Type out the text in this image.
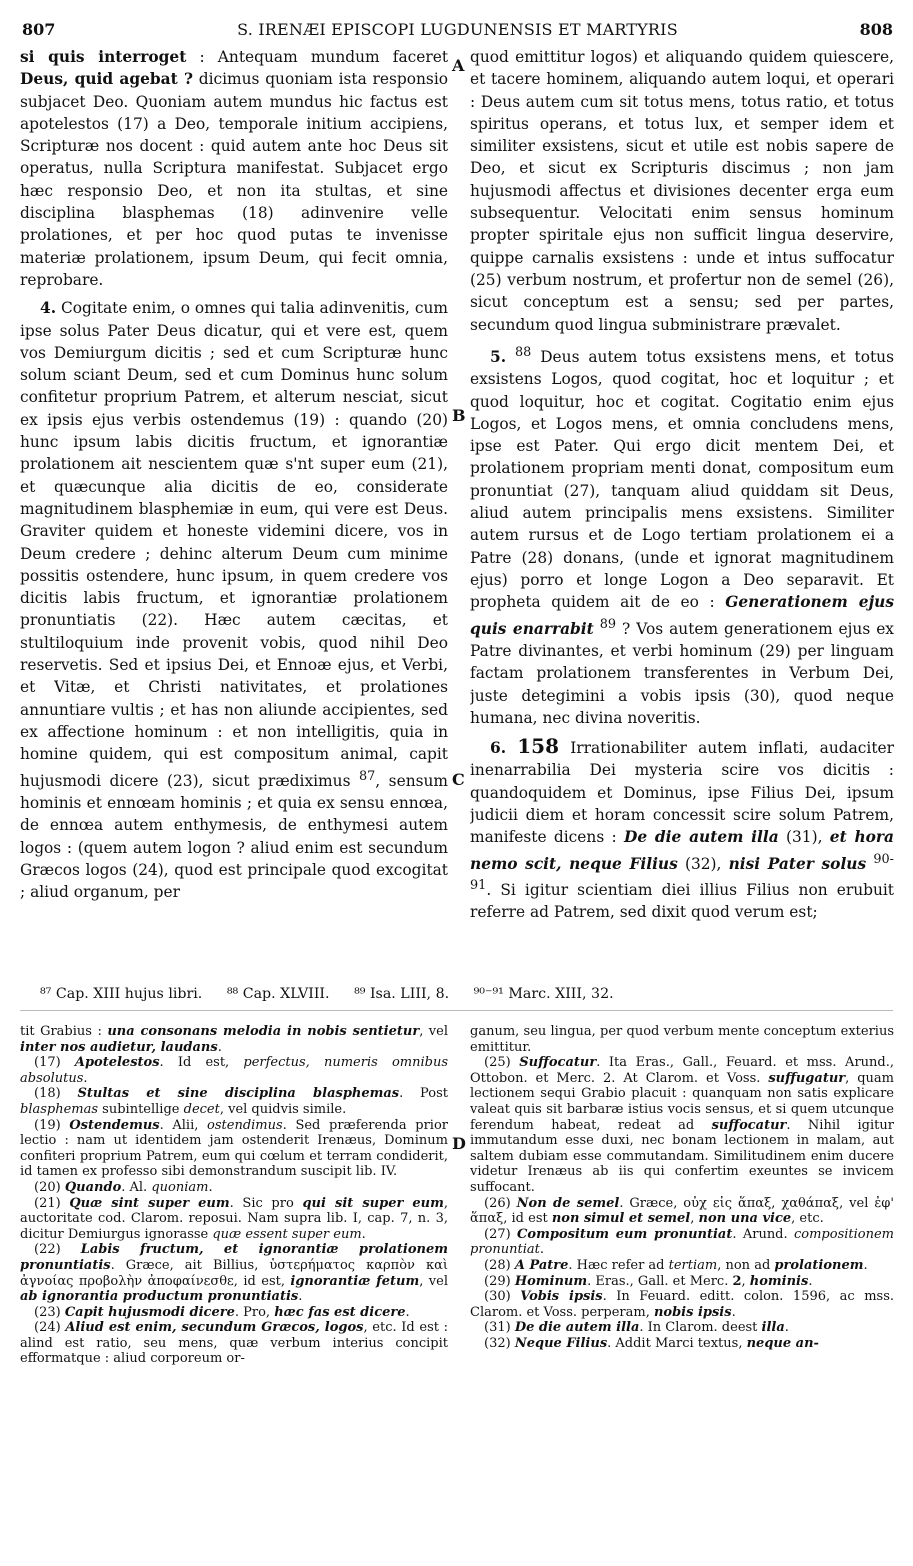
807	S. IRENÆI EPISCOPI LUGDUNENSIS ET MARTYRIS	808

si quis interroget : Antequam mundum faceret Deus, quid agebat ? dicimus quoniam ista responsio subjacet Deo. Quoniam autem mundus hic factus est apotelestos (17) a Deo, temporale initium accipiens, Scripturæ nos docent : quid autem ante hoc Deus sit operatus, nulla Scriptura manifestat. Subjacet ergo hæc responsio Deo, et non ita stultas, et sine disciplina blasphemas (18) adinvenire velle prolationes, et per hoc quod putas te invenisse materiæ prolationem, ipsum Deum, qui fecit omnia, reprobare.

4. Cogitate enim, o omnes qui talia adinvenitis, cum ipse solus Pater Deus dicatur, qui et vere est, quem vos Demiurgum dicitis ; sed et cum Scripturæ hunc solum sciant Deum, sed et cum Dominus hunc solum confitetur proprium Patrem, et alterum nesciat, sicut ex ipsis ejus verbis ostendemus (19) : quando (20) hunc ipsum labis dicitis fructum, et ignorantiæ prolationem ait nescientem quæ s'nt super eum (21), et quæcunque alia dicitis de eo, considerate magnitudinem blasphemiæ in eum, qui vere est Deus. Graviter quidem et honeste videmini dicere, vos in Deum credere ; dehinc alterum Deum cum minime possitis ostendere, hunc ipsum, in quem credere vos dicitis labis fructum, et ignorantiæ prolationem pronuntiatis (22). Hæc autem cæcitas, et stultiloquium inde provenit vobis, quod nihil Deo reservetis. Sed et ipsius Dei, et Ennoæ ejus, et Verbi, et Vitæ, et Christi nativitates, et prolationes annuntiare vultis ; et has non aliunde accipientes, sed ex affectione hominum : et non intelligitis, quia in homine quidem, qui est compositum animal, capit hujusmodi dicere (23), sicut prædiximus $^{87}$, sensum hominis et ennœam hominis ; et quia ex sensu ennœa, de ennœa autem enthymesis, de enthymesi autem logos : (quem autem logon ? aliud enim est secundum Græcos logos (24), quod est principale quod excogitat ; aliud organum, per

quod emittitur logos) et aliquando quidem quiescere, et tacere hominem, aliquando autem loqui, et operari : Deus autem cum sit totus mens, totus ratio, et totus spiritus operans, et totus lux, et semper idem et similiter exsistens, sicut et utile est nobis sapere de Deo, et sicut ex Scripturis discimus ; non jam hujusmodi affectus et divisiones decenter erga eum subsequentur. Velocitati enim sensus hominum propter spiritale ejus non sufficit lingua deservire, quippe carnalis exsistens : unde et intus suffocatur (25) verbum nostrum, et profertur non de semel (26), sicut conceptum est a sensu; sed per partes, secundum quod lingua subministrare prævalet.

5. $^{88}$ Deus autem totus exsistens mens, et totus exsistens Logos, quod cogitat, hoc et loquitur ; et quod loquitur, hoc et cogitat. Cogitatio enim ejus Logos, et Logos mens, et omnia concludens mens, ipse est Pater. Qui ergo dicit mentem Dei, et prolationem propriam menti donat, compositum eum pronuntiat (27), tanquam aliud quiddam sit Deus, aliud autem principalis mens exsistens. Similiter autem rursus et de Logo tertiam prolationem ei a Patre (28) donans, (unde et ignorat magnitudinem ejus) porro et longe Logon a Deo separavit. Et propheta quidem ait de eo : Generationem ejus quis enarrabit $^{89}$ ? Vos autem generationem ejus ex Patre divinantes, et verbi hominum (29) per linguam factam prolationem transferentes in Verbum Dei, juste detegimini a vobis ipsis (30), quod neque humana, nec divina noveritis.

6. 158 Irrationabiliter autem inflati, audaciter inenarrabilia Dei mysteria scire vos dicitis : quandoquidem et Dominus, ipse Filius Dei, ipsum judicii diem et horam concessit scire solum Patrem, manifeste dicens : De die autem illa (31), et hora nemo scit, neque Filius (32), nisi Pater solus $^{90-91}$. Si igitur scientiam diei illius Filius non erubuit referre ad Patrem, sed dixit quod verum est;

A
B
C
D
⁸⁷ Cap. XIII hujus libri. ⁸⁸ Cap. XLVIII. ⁸⁹ Isa. LIII, 8. ⁹⁰⁻⁹¹ Marc. XIII, 32.

tit Grabius : una consonans melodia in nobis sentietur, vel inter nos audietur, laudans.

(17) Apotelestos. Id est, perfectus, numeris omnibus absolutus.

(18) Stultas et sine disciplina blasphemas. Post blasphemas subintellige decet, vel quidvis simile.

(19) Ostendemus. Alii, ostendimus. Sed præferenda prior lectio : nam ut identidem jam ostenderit Irenæus, Dominum confiteri proprium Patrem, eum qui cœlum et terram condiderit, id tamen ex professo sibi demonstrandum suscipit lib. IV.

(20) Quando. Al. quoniam.

(21) Quæ sint super eum. Sic pro qui sit super eum, auctoritate cod. Clarom. reposui. Nam supra lib. I, cap. 7, n. 3, dicitur Demiurgus ignorasse quæ essent super eum.

(22) Labis fructum, et ignorantiæ prolationem pronuntiatis. Græce, ait Billius, ὑστερήματος καρπὸν καὶ ἀγνοίας προβολὴν ἀποφαίνεσθε, id est, ignorantiæ fetum, vel ab ignorantia productum pronuntiatis.

(23) Capit hujusmodi dicere. Pro, hæc fas est dicere.

(24) Aliud est enim, secundum Græcos, logos, etc. Id est : alind est ratio, seu mens, quæ verbum interius concipit efformatque : aliud corporeum or-

ganum, seu lingua, per quod verbum mente conceptum exterius emittitur.

(25) Suffocatur. Ita Eras., Gall., Feuard. et mss. Arund., Ottobon. et Merc. 2. At Clarom. et Voss. suffugatur, quam lectionem sequi Grabio placuit : quanquam non satis explicare valeat quis sit barbaræ istius vocis sensus, et si quem utcunque ferendum habeat, redeat ad suffocatur. Nihil igitur immutandum esse duxi, nec bonam lectionem in malam, aut saltem dubiam esse commutandam. Similitudinem enim ducere videtur Irenæus ab iis qui confertim exeuntes se invicem suffocant.

(26) Non de semel. Græce, οὐχ εἰς ἅπαξ, χαθάπαξ, vel ἐφ' ἅπαξ, id est non simul et semel, non una vice, etc.

(27) Compositum eum pronuntiat. Arund. compositionem pronuntiat.

(28) A Patre. Hæc refer ad tertiam, non ad prolationem.

(29) Hominum. Eras., Gall. et Merc. 2, hominis.

(30) Vobis ipsis. In Feuard. editt. colon. 1596, ac mss. Clarom. et Voss. perperam, nobis ipsis.

(31) De die autem illa. In Clarom. deest illa.

(32) Neque Filius. Addit Marci textus, neque an-
